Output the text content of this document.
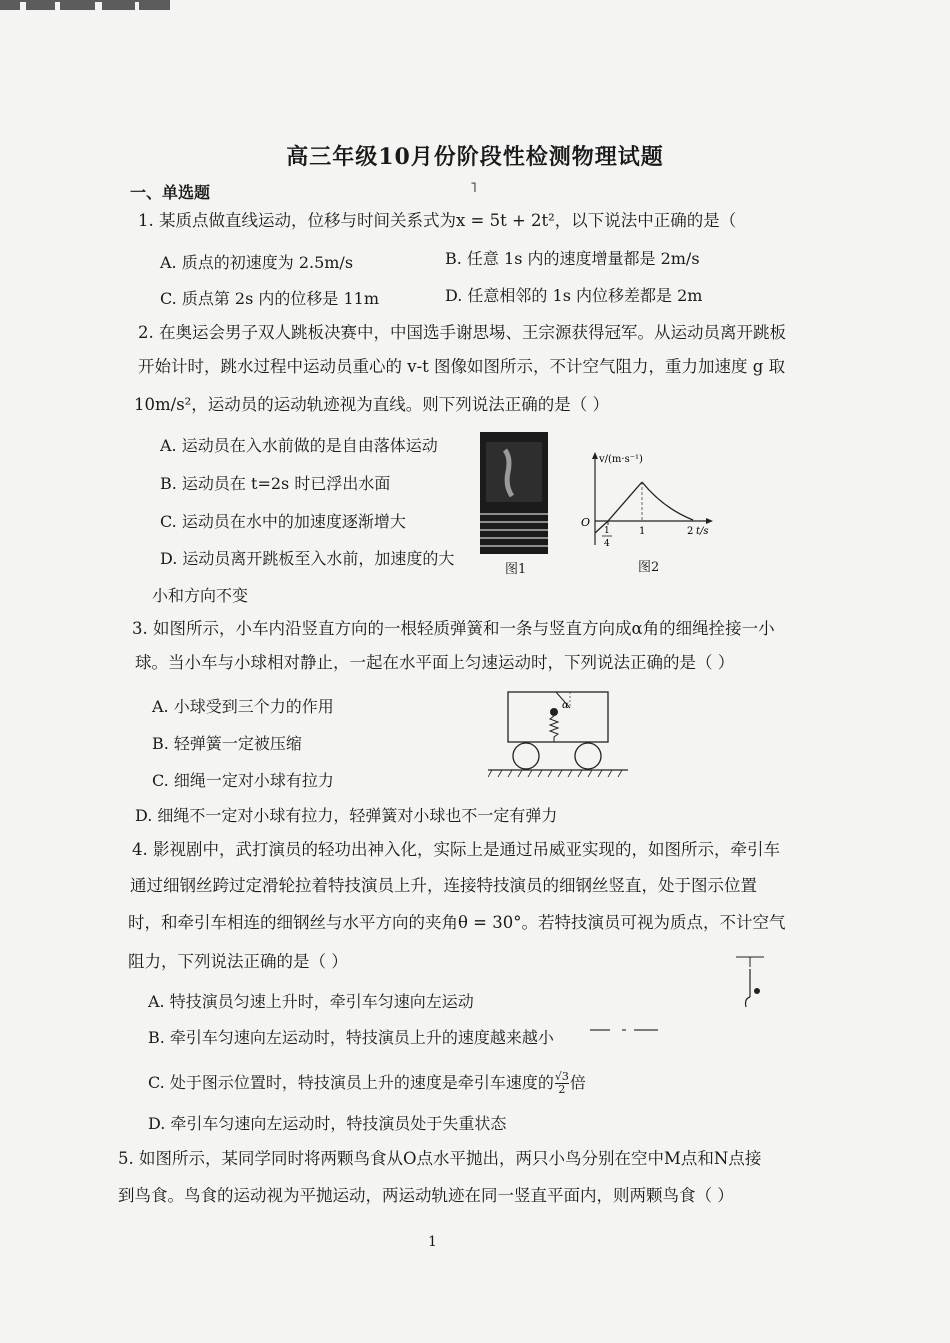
高三年级10月份阶段性检测物理试题
一、单选题	˥
1. 某质点做直线运动，位移与时间关系式为x = 5t + 2t²，以下说法中正确的是（
A. 质点的初速度为 2.5m/s	B. 任意 1s 内的速度增量都是 2m/s
C. 质点第 2s 内的位移是 11m	D. 任意相邻的 1s 内位移差都是 2m
2. 在奥运会男子双人跳板决赛中，中国选手谢思埸、王宗源获得冠军。从运动员离开跳板
开始计时，跳水过程中运动员重心的 v-t 图像如图所示，不计空气阻力，重力加速度 g 取
10m/s²，运动员的运动轨迹视为直线。则下列说法正确的是（ ）
A. 运动员在入水前做的是自由落体运动
B. 运动员在 t=2s 时已浮出水面
C. 运动员在水中的加速度逐渐增大
D. 运动员离开跳板至入水前，加速度的大
小和方向不变
图1
v/(m·s⁻¹)
O
1	2 t/s
1
4
图2
3. 如图所示，小车内沿竖直方向的一根轻质弹簧和一条与竖直方向成α角的细绳拴接一小
球。当小车与小球相对静止，一起在水平面上匀速运动时，下列说法正确的是（ ）
A. 小球受到三个力的作用
B. 轻弹簧一定被压缩
C. 细绳一定对小球有拉力
D. 细绳不一定对小球有拉力，轻弹簧对小球也不一定有弹力
α
4. 影视剧中，武打演员的轻功出神入化，实际上是通过吊威亚实现的，如图所示，牵引车
通过细钢丝跨过定滑轮拉着特技演员上升，连接特技演员的细钢丝竖直，处于图示位置
时，和牵引车相连的细钢丝与水平方向的夹角θ = 30°。若特技演员可视为质点，不计空气
阻力，下列说法正确的是（ ）
A. 特技演员匀速上升时，牵引车匀速向左运动
B. 牵引车匀速向左运动时，特技演员上升的速度越来越小
C. 处于图示位置时，特技演员上升的速度是牵引车速度的 $\frac{√3}{2}$ 倍
D. 牵引车匀速向左运动时，特技演员处于失重状态
5. 如图所示，某同学同时将两颗鸟食从O点水平抛出，两只小鸟分别在空中M点和N点接
到鸟食。鸟食的运动视为平抛运动，两运动轨迹在同一竖直平面内，则两颗鸟食（ ）
1
